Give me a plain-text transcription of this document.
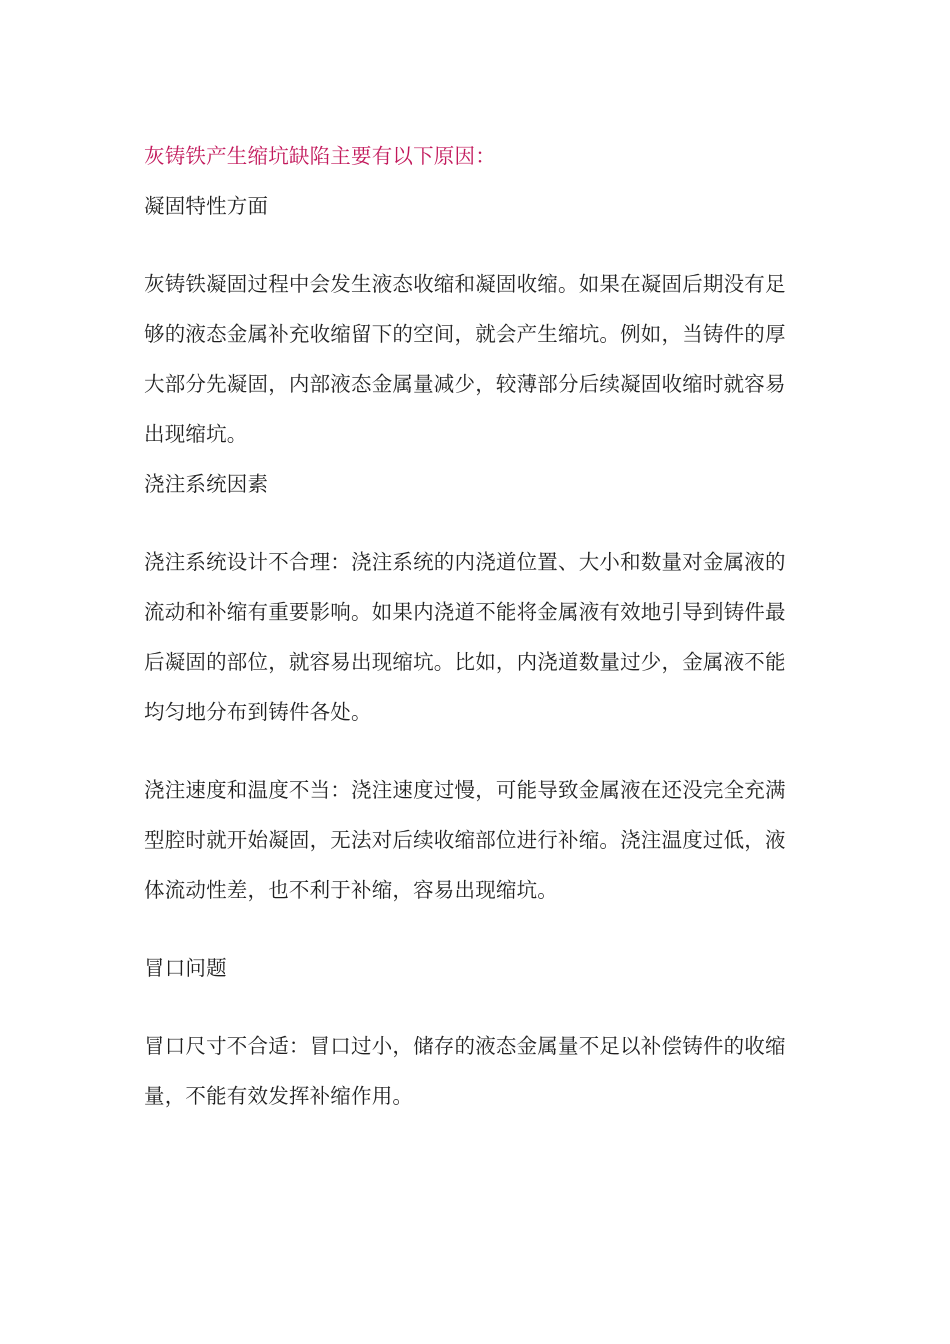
灰铸铁产生缩坑缺陷主要有以下原因：
凝固特性方面
灰铸铁凝固过程中会发生液态收缩和凝固收缩。如果在凝固后期没有足
够的液态金属补充收缩留下的空间，就会产生缩坑。例如，当铸件的厚
大部分先凝固，内部液态金属量减少，较薄部分后续凝固收缩时就容易
出现缩坑。
浇注系统因素
浇注系统设计不合理：浇注系统的内浇道位置、大小和数量对金属液的
流动和补缩有重要影响。如果内浇道不能将金属液有效地引导到铸件最
后凝固的部位，就容易出现缩坑。比如，内浇道数量过少，金属液不能
均匀地分布到铸件各处。
浇注速度和温度不当：浇注速度过慢，可能导致金属液在还没完全充满
型腔时就开始凝固，无法对后续收缩部位进行补缩。浇注温度过低，液
体流动性差，也不利于补缩，容易出现缩坑。
冒口问题
冒口尺寸不合适：冒口过小，储存的液态金属量不足以补偿铸件的收缩
量，不能有效发挥补缩作用。
